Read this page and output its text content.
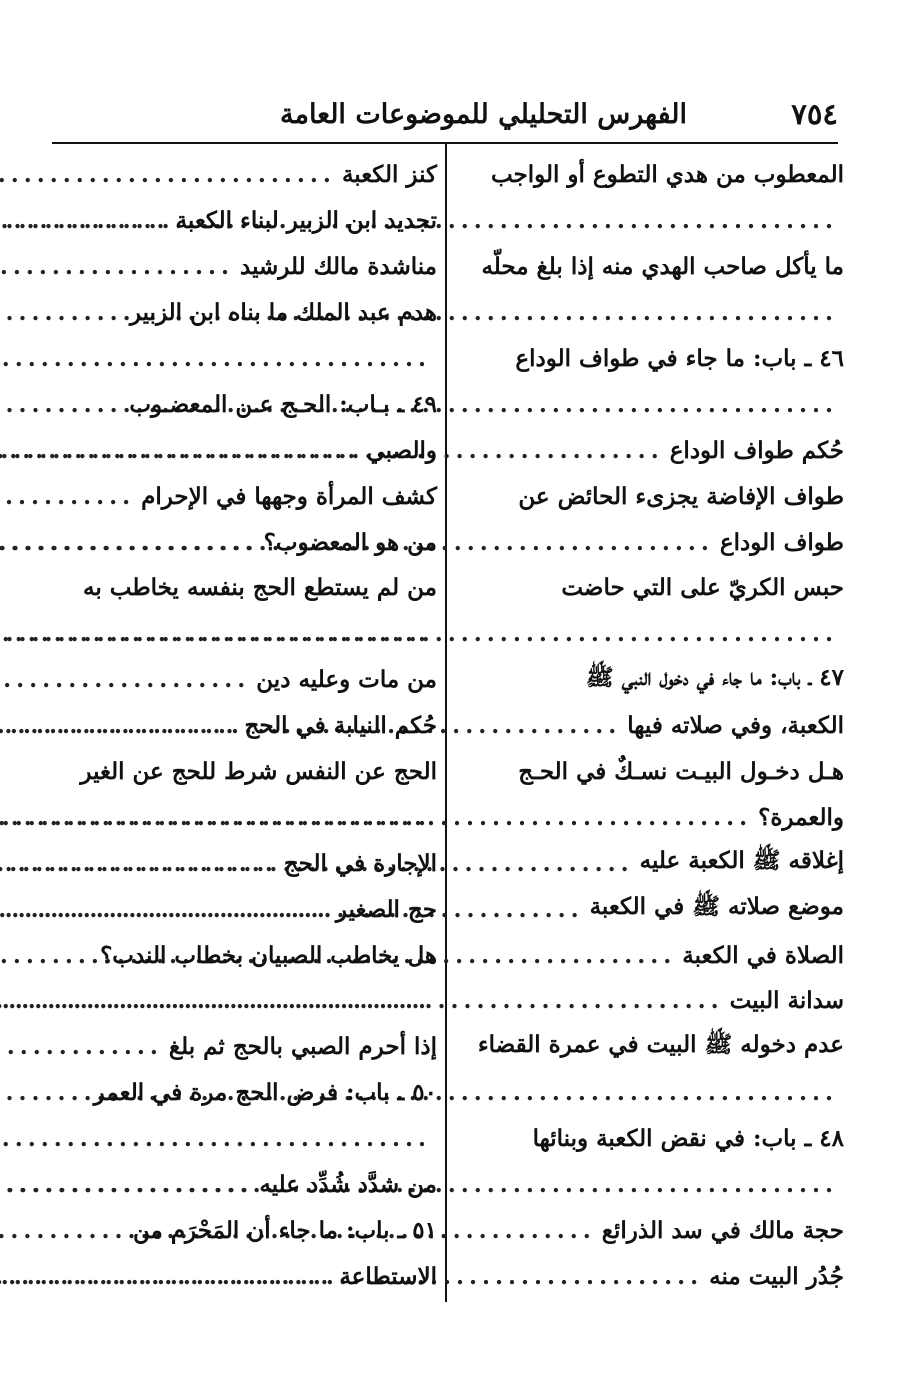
٧٥٤
الفهرس التحليلي للموضوعات العامة
المعطوب من هدي التطوع أو الواجب
.....
ما يأكل صاحب الهدي منه إذا بلغ محلّه
.....
٤٦ ـ باب: ما جاء في طواف الوداع
.....
حُكم طواف الوداع
.....
طواف الإفاضة يجزىء الحائض عن
طواف الوداع
.....
حبس الكريّ على التي حاضت
.....
٤٧ ـ باب: ما جاء في دخول النبي ﷺ
الكعبة، وفي صلاته فيها
.....
هـل دخـول البيـت نسـكٌ في الحـج
والعمرة؟
.....
إغلاقه ﷺ الكعبة عليه
.....
موضع صلاته ﷺ في الكعبة
.....
الصلاة في الكعبة
.....
سدانة البيت
.....
عدم دخوله ﷺ البيت في عمرة القضاء
.....
٤٨ ـ باب: في نقض الكعبة وبنائها
.....
حجة مالك في سد الذرائع
.....
جُدُر البيت منه
.....
كنز الكعبة
.....
تجديد ابن الزبير لبناء الكعبة
.....
مناشدة مالك للرشيد
.....
هدم عبد الملك ما بناه ابن الزبير
.....
٤٩ ـ بـاب: الحـج عـن المعضـوب
والصبي
.....
كشف المرأة وجهها في الإحرام
.....
من هو المعضوب؟
.....
من لم يستطع الحج بنفسه يخاطب به
.....
من مات وعليه دين
.....
حُكم النيابة في الحج
.....
الحج عن النفس شرط للحج عن الغير
.....
الإجارة في الحج
.....
حج الصغير
.....
هل يخاطب الصبيان بخطاب الندب؟
.....
إذا أحرم الصبي بالحج ثم بلغ
.....
٥٠ ـ باب: فرض الحج مرة في العمر
.....
من شدَّد شُدِّد عليه
.....
٥١ ـ باب: ما جاء أن المَحْرَم من
الاستطاعة
.....
